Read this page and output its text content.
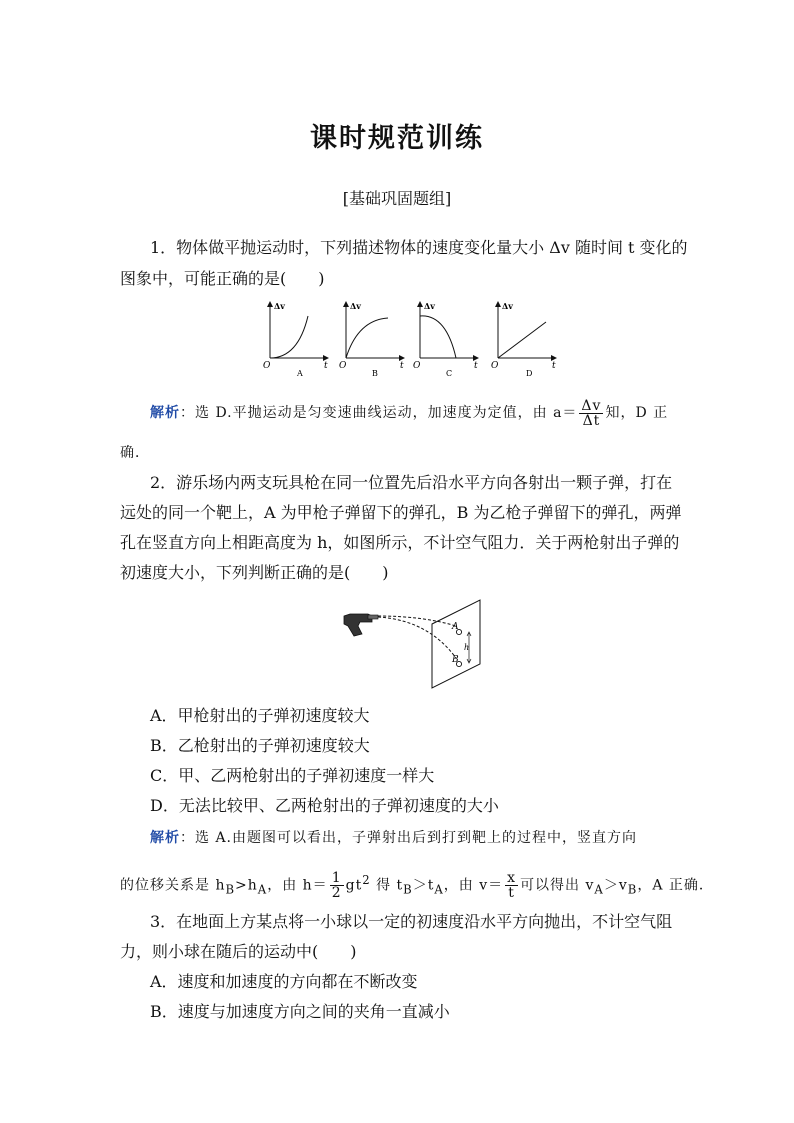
课时规范训练
[基础巩固题组]
1．物体做平抛运动时，下列描述物体的速度变化量大小 Δv 随时间 t 变化的
图象中，可能正确的是(　　)
Δv
t
O
A
Δv
t
O
B
Δv
t
O
C
Δv
t
O
D
解析：选 D.平抛运动是匀变速曲线运动，加速度为定值，由 $a= \frac{\Delta v}{\Delta t}$ 知，D 正
确．
2．游乐场内两支玩具枪在同一位置先后沿水平方向各射出一颗子弹，打在
远处的同一个靶上，A 为甲枪子弹留下的弹孔，B 为乙枪子弹留下的弹孔，两弹
孔在竖直方向上相距高度为 h，如图所示，不计空气阻力．关于两枪射出子弹的
初速度大小，下列判断正确的是(　　)
A
B
h
A．甲枪射出的子弹初速度较大
B．乙枪射出的子弹初速度较大
C．甲、乙两枪射出的子弹初速度一样大
D．无法比较甲、乙两枪射出的子弹初速度的大小
解析：选 A.由题图可以看出，子弹射出后到打到靶上的过程中，竖直方向
的位移关系是 $h_B>h_A$，由 $h= \frac{1}{2} gt^2$ 得 $t_B>t_A$，由 $v= \frac{x}{t}$ 可以得出 $v_A>v_B$，A 正确．
3．在地面上方某点将一小球以一定的初速度沿水平方向抛出，不计空气阻
力，则小球在随后的运动中(　　)
A．速度和加速度的方向都在不断改变
B．速度与加速度方向之间的夹角一直减小
